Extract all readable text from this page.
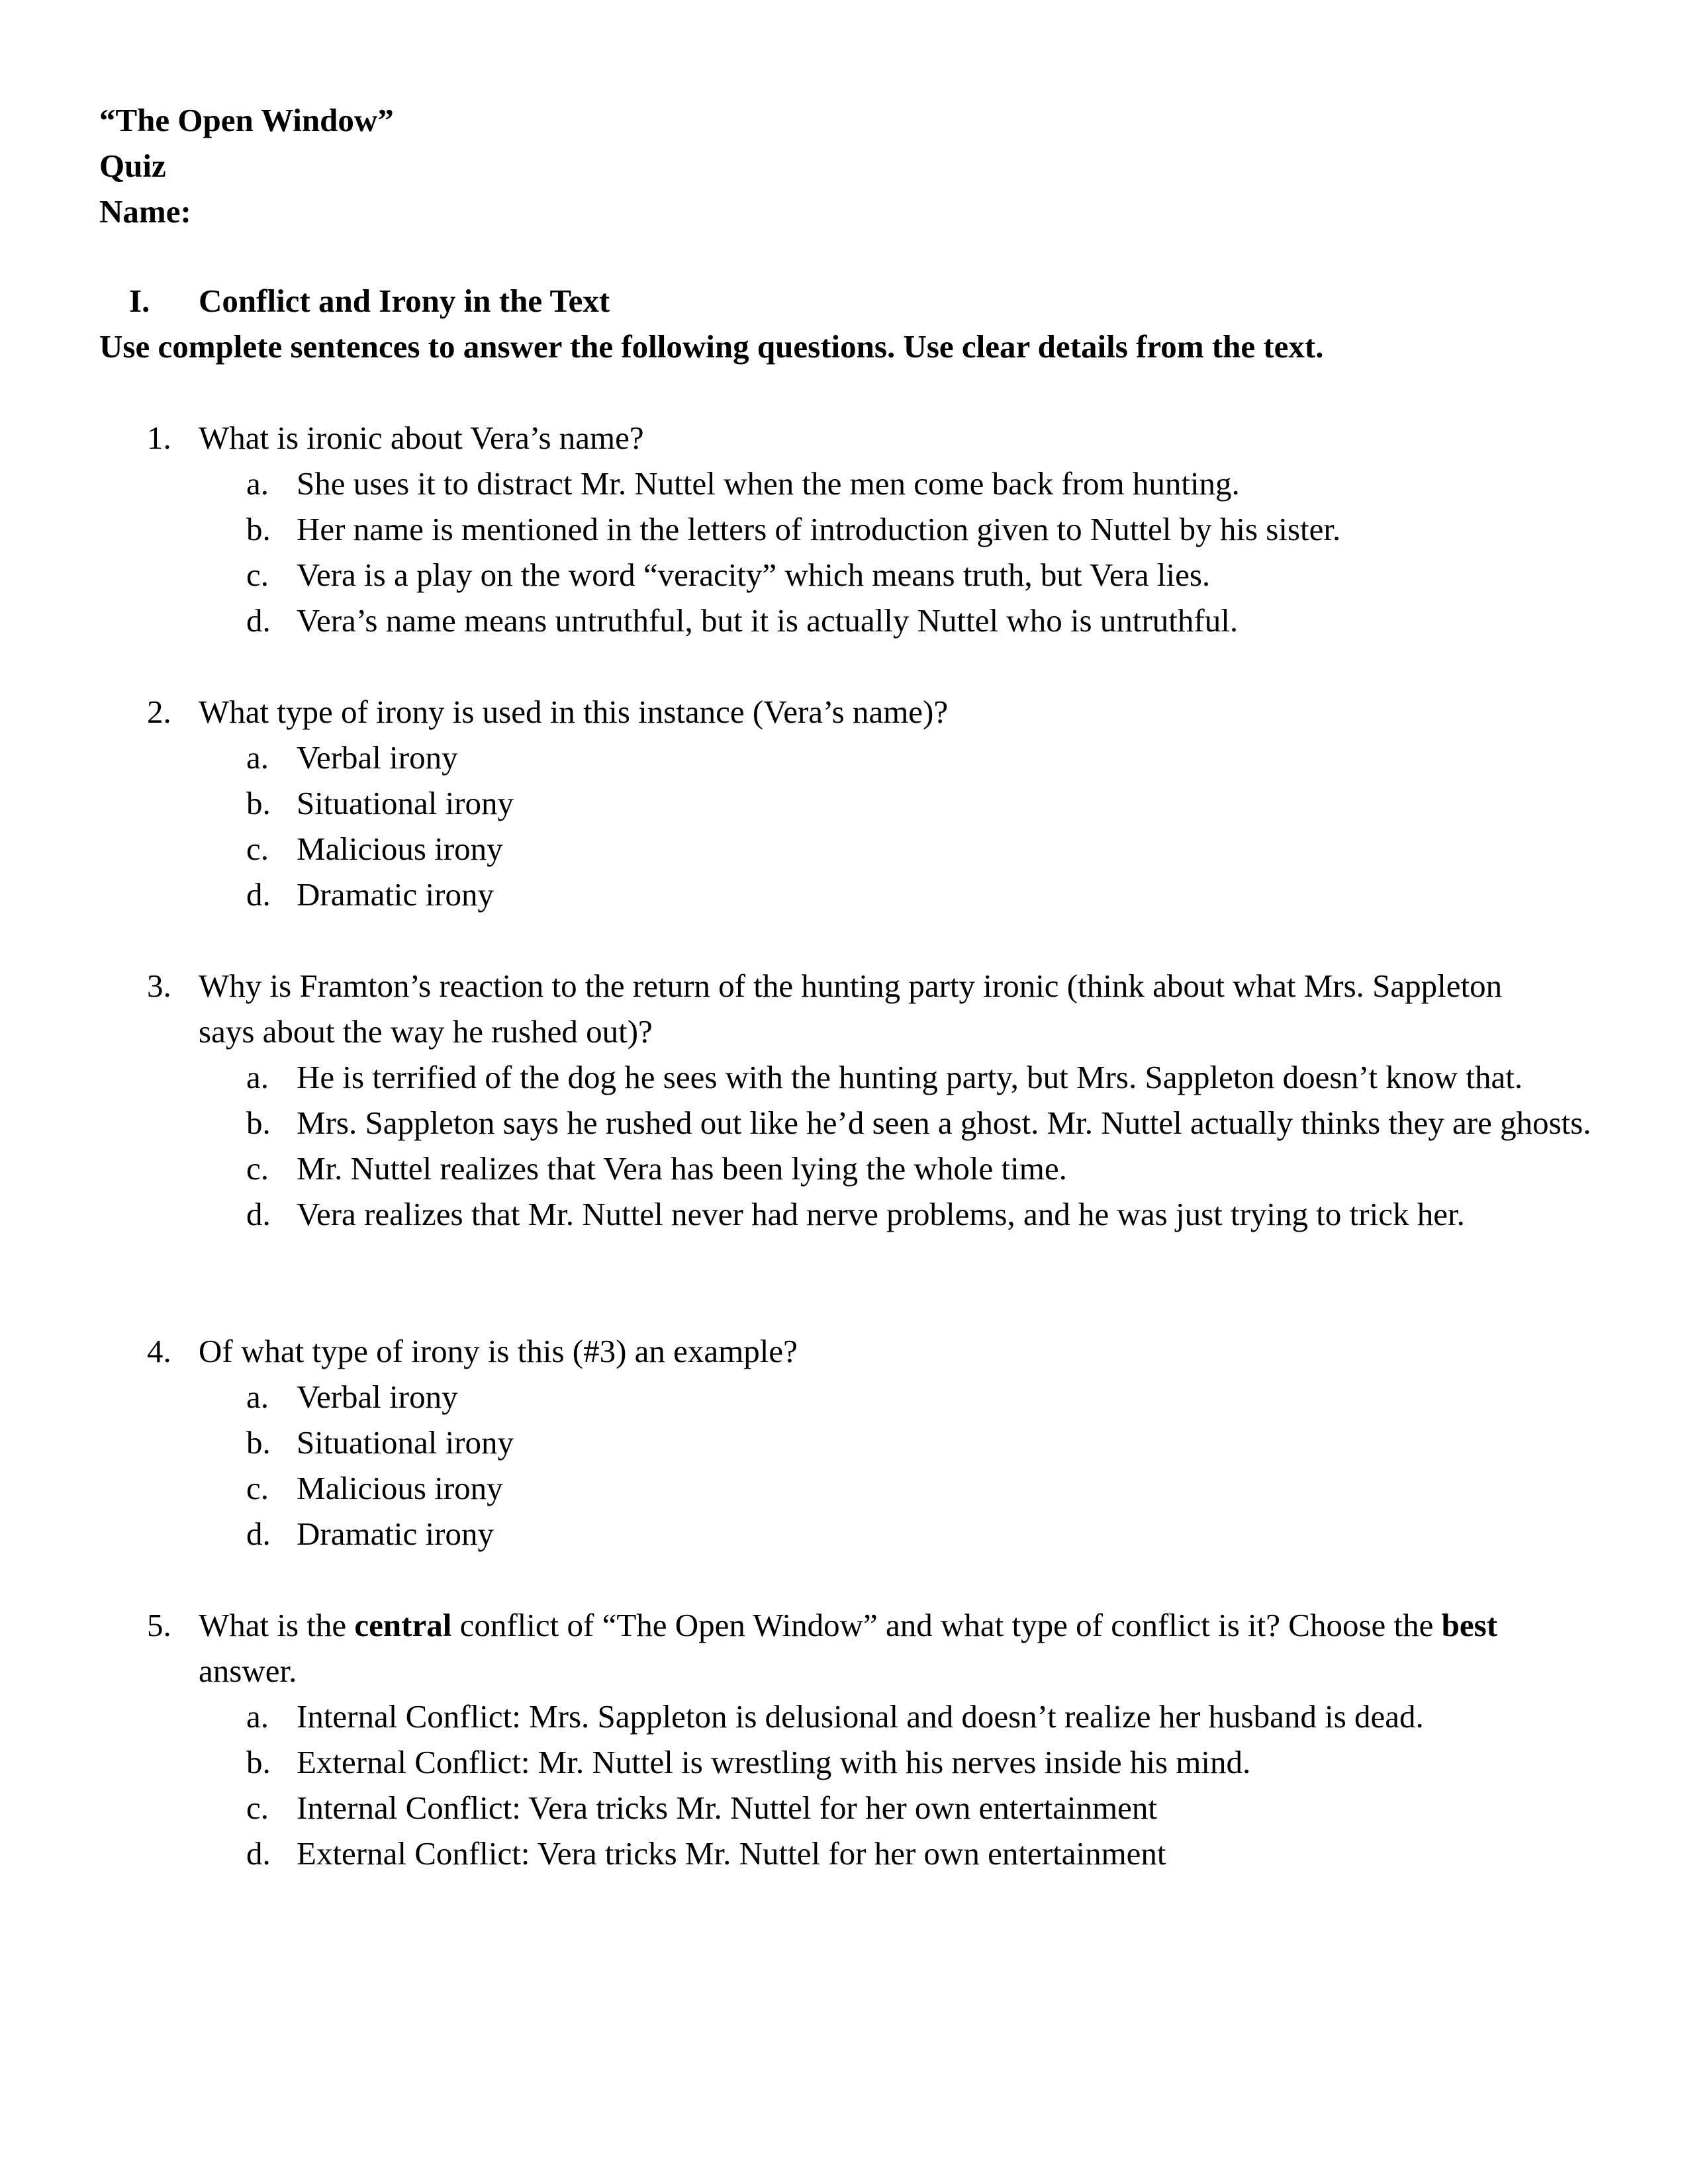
“The Open Window”

Quiz

Name:

I. Conflict and Irony in the Text
Use complete sentences to answer the following questions. Use clear details from the text.
1. What is ironic about Vera’s name?
a. She uses it to distract Mr. Nuttel when the men come back from hunting.
b. Her name is mentioned in the letters of introduction given to Nuttel by his sister.
c. Vera is a play on the word “veracity” which means truth, but Vera lies.
d. Vera’s name means untruthful, but it is actually Nuttel who is untruthful.
2. What type of irony is used in this instance (Vera’s name)?
a. Verbal irony
b. Situational irony
c. Malicious irony
d. Dramatic irony
3. Why is Framton’s reaction to the return of the hunting party ironic (think about what Mrs. Sappleton says about the way he rushed out)?
a. He is terrified of the dog he sees with the hunting party, but Mrs. Sappleton doesn’t know that.
b. Mrs. Sappleton says he rushed out like he’d seen a ghost. Mr. Nuttel actually thinks they are ghosts.
c. Mr. Nuttel realizes that Vera has been lying the whole time.
d. Vera realizes that Mr. Nuttel never had nerve problems, and he was just trying to trick her.
4. Of what type of irony is this (#3) an example?
a. Verbal irony
b. Situational irony
c. Malicious irony
d. Dramatic irony
5. What is the central conflict of “The Open Window” and what type of conflict is it? Choose the best answer.
a. Internal Conflict: Mrs. Sappleton is delusional and doesn’t realize her husband is dead.
b. External Conflict: Mr. Nuttel is wrestling with his nerves inside his mind.
c. Internal Conflict: Vera tricks Mr. Nuttel for her own entertainment
d. External Conflict: Vera tricks Mr. Nuttel for her own entertainment
